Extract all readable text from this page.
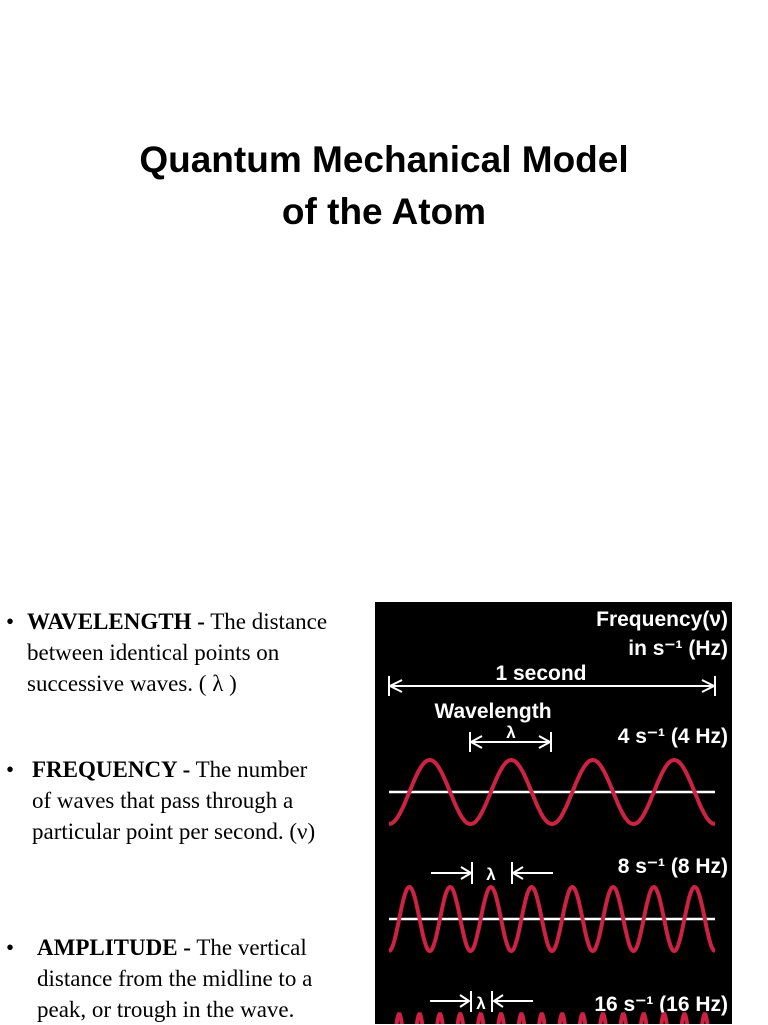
Quantum Mechanical Model
of the Atom
• WAVELENGTH - The distance
between identical points on
successive waves. ( λ )
• FREQUENCY - The number
of waves that pass through a
particular point per second. (ν)
• AMPLITUDE - The vertical
distance from the midline to a
peak, or trough in the wave.
Frequency(ν)
in s⁻¹ (Hz)
1 second
Wavelength
λ	4 s⁻¹ (4 Hz)
8 s⁻¹ (8 Hz)
λ
16 s⁻¹ (16 Hz)
λ
